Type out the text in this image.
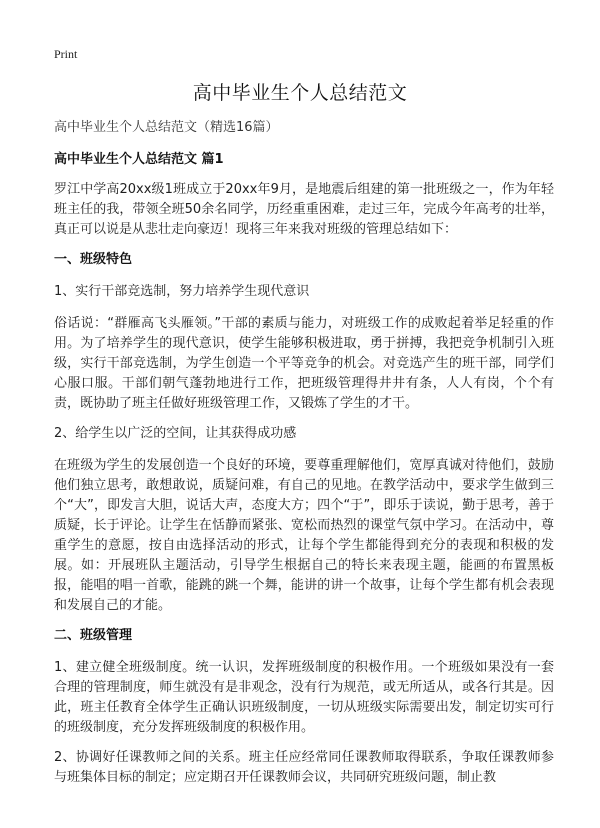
Print
高中毕业生个人总结范文

高中毕业生个人总结范文（精选16篇）

高中毕业生个人总结范文 篇1

罗江中学高20xx级1班成立于20xx年9月，是地震后组建的第一批班级之一，作为年轻班主任的我，带领全班50余名同学，历经重重困难，走过三年，完成今年高考的壮举，真正可以说是从悲壮走向豪迈！现将三年来我对班级的管理总结如下：

一、班级特色

1、实行干部竞选制，努力培养学生现代意识

俗话说：“群雁高飞头雁领。”干部的素质与能力，对班级工作的成败起着举足轻重的作用。为了培养学生的现代意识，使学生能够积极进取，勇于拼搏，我把竞争机制引入班级，实行干部竞选制，为学生创造一个平等竞争的机会。对竞选产生的班干部，同学们心服口服。干部们朝气蓬勃地进行工作，把班级管理得井井有条，人人有岗，个个有责，既协助了班主任做好班级管理工作，又锻炼了学生的才干。

2、给学生以广泛的空间，让其获得成功感

在班级为学生的发展创造一个良好的环境，要尊重理解他们，宽厚真诚对待他们，鼓励他们独立思考，敢想敢说，质疑问难，有自己的见地。在教学活动中，要求学生做到三个“大”，即发言大胆，说话大声，态度大方；四个“于”，即乐于读说，勤于思考，善于质疑，长于评论。让学生在恬静而紧张、宽松而热烈的课堂气氛中学习。在活动中，尊重学生的意愿，按自由选择活动的形式，让每个学生都能得到充分的表现和积极的发展。如：开展班队主题活动，引导学生根据自己的特长来表现主题，能画的布置黑板报，能唱的唱一首歌，能跳的跳一个舞，能讲的讲一个故事，让每个学生都有机会表现和发展自己的才能。

二、班级管理

1、建立健全班级制度。统一认识，发挥班级制度的积极作用。一个班级如果没有一套合理的管理制度，师生就没有是非观念，没有行为规范，或无所适从，或各行其是。因此，班主任教育全体学生正确认识班级制度，一切从班级实际需要出发，制定切实可行的班级制度，充分发挥班级制度的积极作用。

2、协调好任课教师之间的关系。班主任应经常同任课教师取得联系，争取任课教师参与班集体目标的制定；应定期召开任课教师会议，共同研究班级问题，制止教
